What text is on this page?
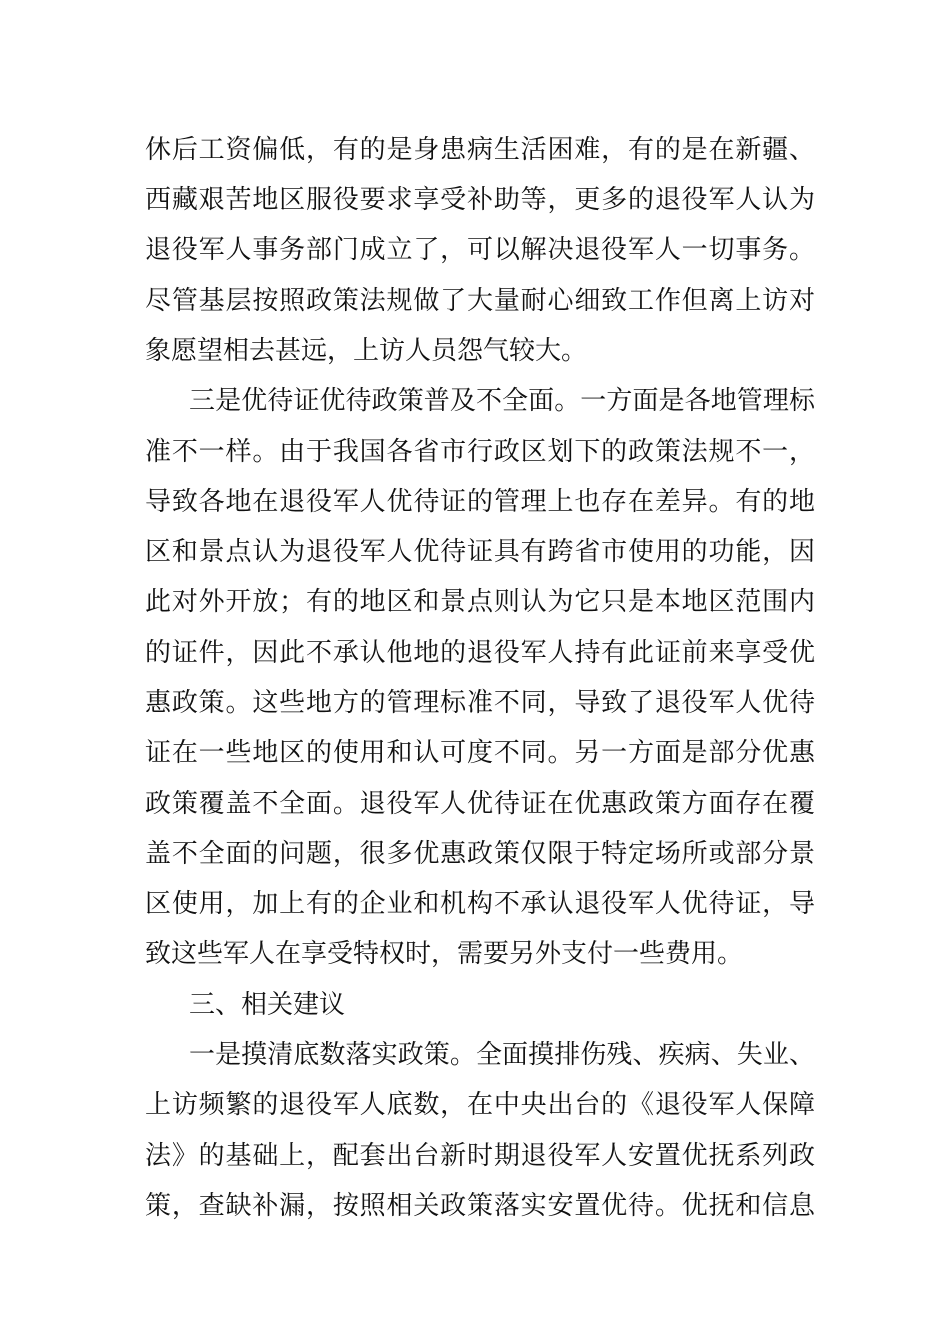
休后工资偏低，有的是身患病生活困难，有的是在新疆、
西藏艰苦地区服役要求享受补助等，更多的退役军人认为
退役军人事务部门成立了，可以解决退役军人一切事务。
尽管基层按照政策法规做了大量耐心细致工作但离上访对
象愿望相去甚远，上访人员怨气较大。
三是优待证优待政策普及不全面。一方面是各地管理标
准不一样。由于我国各省市行政区划下的政策法规不一，
导致各地在退役军人优待证的管理上也存在差异。有的地
区和景点认为退役军人优待证具有跨省市使用的功能，因
此对外开放；有的地区和景点则认为它只是本地区范围内
的证件，因此不承认他地的退役军人持有此证前来享受优
惠政策。这些地方的管理标准不同，导致了退役军人优待
证在一些地区的使用和认可度不同。另一方面是部分优惠
政策覆盖不全面。退役军人优待证在优惠政策方面存在覆
盖不全面的问题，很多优惠政策仅限于特定场所或部分景
区使用，加上有的企业和机构不承认退役军人优待证，导
致这些军人在享受特权时，需要另外支付一些费用。
三、相关建议
一是摸清底数落实政策。全面摸排伤残、疾病、失业、
上访频繁的退役军人底数，在中央出台的《退役军人保障
法》的基础上，配套出台新时期退役军人安置优抚系列政
策，查缺补漏，按照相关政策落实安置优待。优抚和信息
